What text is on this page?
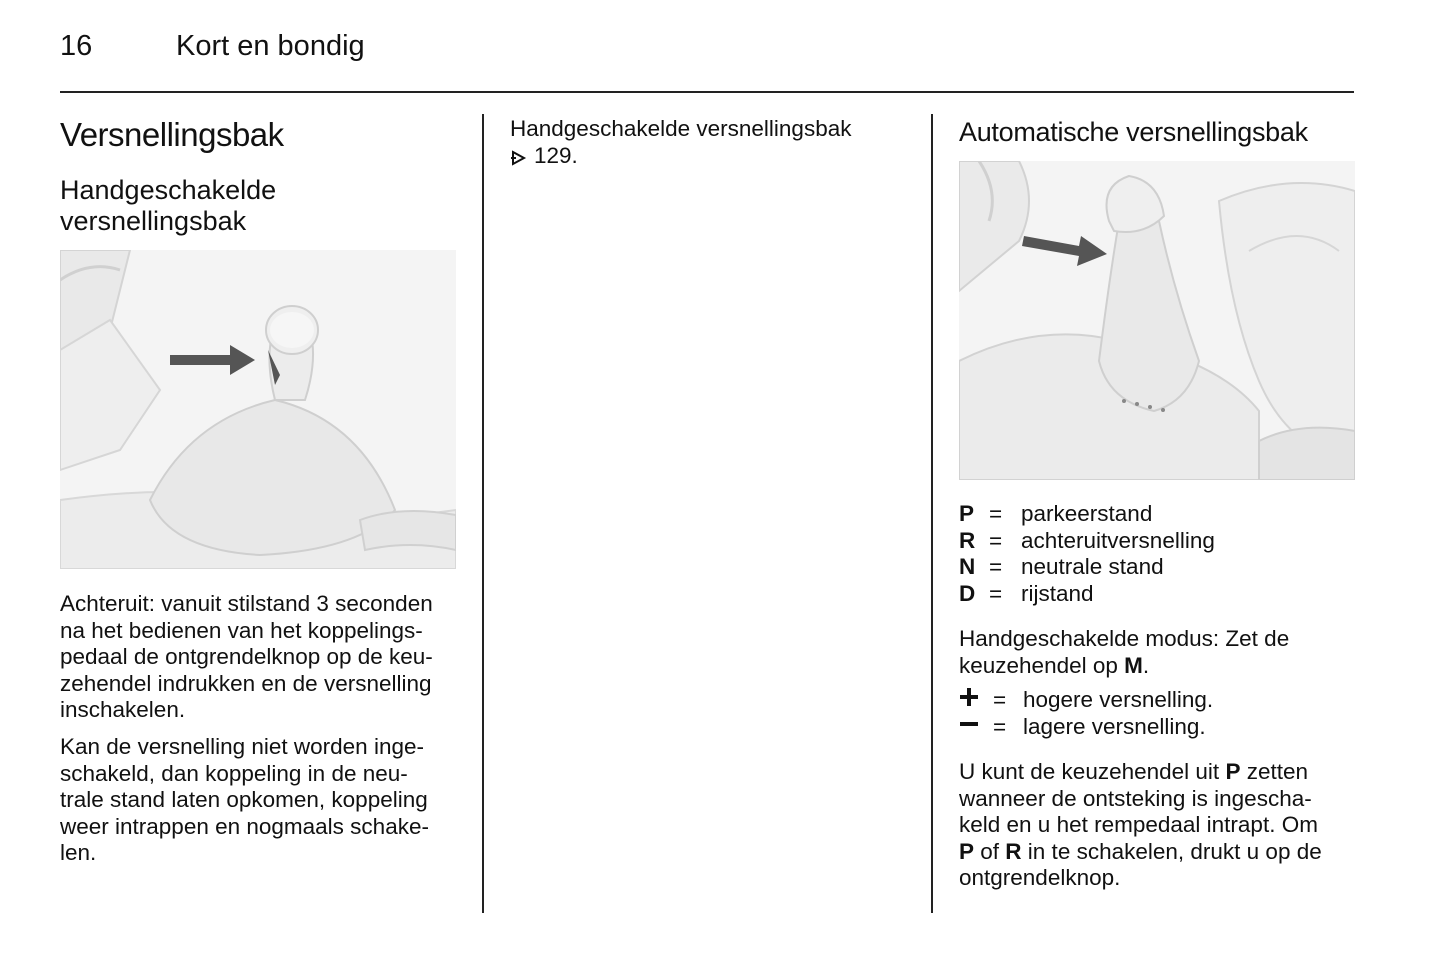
16	Kort en bondig
Versnellingsbak
Handgeschakelde
versnellingsbak
Achteruit: vanuit stilstand 3 seconden
na het bedienen van het koppelings-
pedaal de ontgrendelknop op de keu-
zehendel indrukken en de versnelling
inschakelen.
Kan de versnelling niet worden inge-
schakeld, dan koppeling in de neu-
trale stand laten opkomen, koppeling
weer intrappen en nogmaals schake-
len.
Handgeschakelde versnellingsbak
129.
Automatische versnellingsbak
P = parkeerstand
R = achteruitversnelling
N = neutrale stand
D = rijstand
Handgeschakelde modus: Zet de
keuzehendel op M.
= hogere versnelling.
= lagere versnelling.
U kunt de keuzehendel uit P zetten
wanneer de ontsteking is ingescha-
keld en u het rempedaal intrapt. Om
P of R in te schakelen, drukt u op de
ontgrendelknop.
